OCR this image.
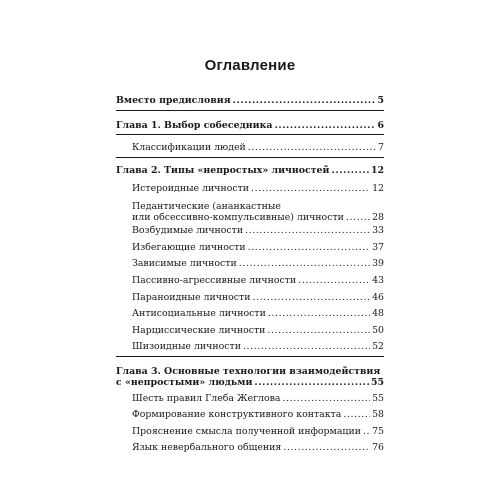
Оглавление
Вместо предисловия .....	5
Глава 1. Выбор собеседника .....	6
Классификации людей .....	7
Глава 2. Типы «непростых» личностей .....	12
Истероидные личности .....	12
Педантические (ананкастные
или обсессивно-компульсивные) личности .....	28
Возбудимые личности .....	33
Избегающие личности .....	37
Зависимые личности .....	39
Пассивно-агрессивные личности .....	43
Параноидные личности .....	46
Антисоциальные личности .....	48
Нарциссические личности .....	50
Шизоидные личности .....	52
Глава 3. Основные технологии взаимодействия
с «непростыми» людьми .....	55
Шесть правил Глеба Жеглова .....	55
Формирование конструктивного контакта .....	58
Прояснение смысла полученной информации ..... 75
Язык невербального общения .....	76
